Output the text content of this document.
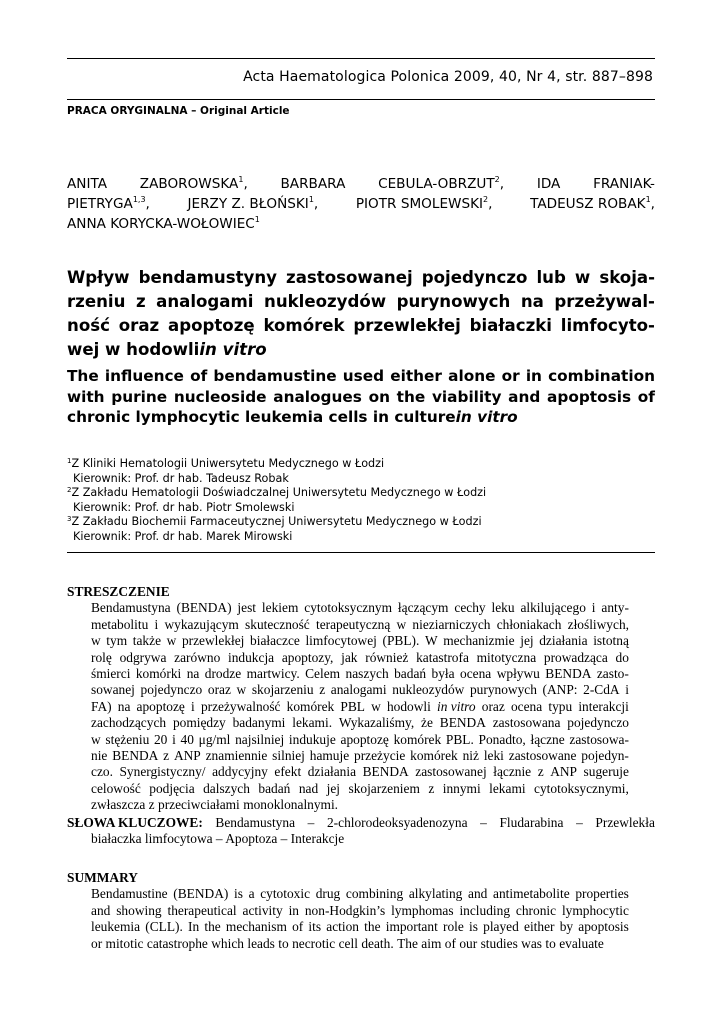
Acta Haematologica Polonica 2009, 40, Nr 4, str. 887–898
PRACA ORYGINALNA – Original Article
ANITA ZABOROWSKA$^1$, BARBARA CEBULA-OBRZUT$^2$, IDA FRANIAK-
PIETRYGA$^{1,3}$,	JERZY Z. BŁOŃSKI$^1$,	PIOTR SMOLEWSKI$^2$,	TADEUSZ ROBAK$^1$,
ANNA KORYCKA-WOŁOWIEC$^1$
Wpływ bendamustyny zastosowanej pojedynczo lub w skoja-
rzeniu z analogami nukleozydów purynowych na przeżywal-
ność oraz apoptozę komórek przewlekłej białaczki limfocyto-
wej w hodowli in vitro
The influence of bendamustine used either alone or in combination
with purine nucleoside analogues on the viability and apoptosis of
chronic lymphocytic leukemia cells in culture in vitro
$^1$Z Kliniki Hematologii Uniwersytetu Medycznego w Łodzi
Kierownik: Prof. dr hab. Tadeusz Robak
$^2$Z Zakładu Hematologii Doświadczalnej Uniwersytetu Medycznego w Łodzi
Kierownik: Prof. dr hab. Piotr Smolewski
$^3$Z Zakładu Biochemii Farmaceutycznej Uniwersytetu Medycznego w Łodzi
Kierownik: Prof. dr hab. Marek Mirowski
STRESZCZENIE
Bendamustyna (BENDA) jest lekiem cytotoksycznym łączącym cechy leku alkilującego i anty-
metabolitu i wykazującym skuteczność terapeutyczną w nieziarniczych chłoniakach złośliwych,
w tym także w przewlekłej białaczce limfocytowej (PBL). W mechanizmie jej działania istotną
rolę odgrywa zarówno indukcja apoptozy, jak również katastrofa mitotyczna prowadząca do
śmierci komórki na drodze martwicy. Celem naszych badań była ocena wpływu BENDA zasto-
sowanej pojedynczo oraz w skojarzeniu z analogami nukleozydów purynowych (ANP: 2-CdA i
FA) na apoptozę i przeżywalność komórek PBL w hodowli in vitro oraz ocena typu interakcji
zachodzących pomiędzy badanymi lekami. Wykazaliśmy, że BENDA zastosowana pojedynczo
w stężeniu 20 i 40 μg/ml najsilniej indukuje apoptozę komórek PBL. Ponadto, łączne zastosowa-
nie BENDA z ANP znamiennie silniej hamuje przeżycie komórek niż leki zastosowane pojedyn-
czo. Synergistyczny/ addycyjny efekt działania BENDA zastosowanej łącznie z ANP sugeruje
celowość podjęcia dalszych badań nad jej skojarzeniem z innymi lekami cytotoksycznymi,
zwłaszcza z przeciwciałami monoklonalnymi.
SŁOWA KLUCZOWE: Bendamustyna – 2-chlorodeoksyadenozyna – Fludarabina – Przewlekła
białaczka limfocytowa – Apoptoza – Interakcje
SUMMARY
Bendamustine (BENDA) is a cytotoxic drug combining alkylating and antimetabolite properties
and showing therapeutical activity in non-Hodgkin’s lymphomas including chronic lymphocytic
leukemia (CLL). In the mechanism of its action the important role is played either by apoptosis
or mitotic catastrophe which leads to necrotic cell death. The aim of our studies was to evaluate
